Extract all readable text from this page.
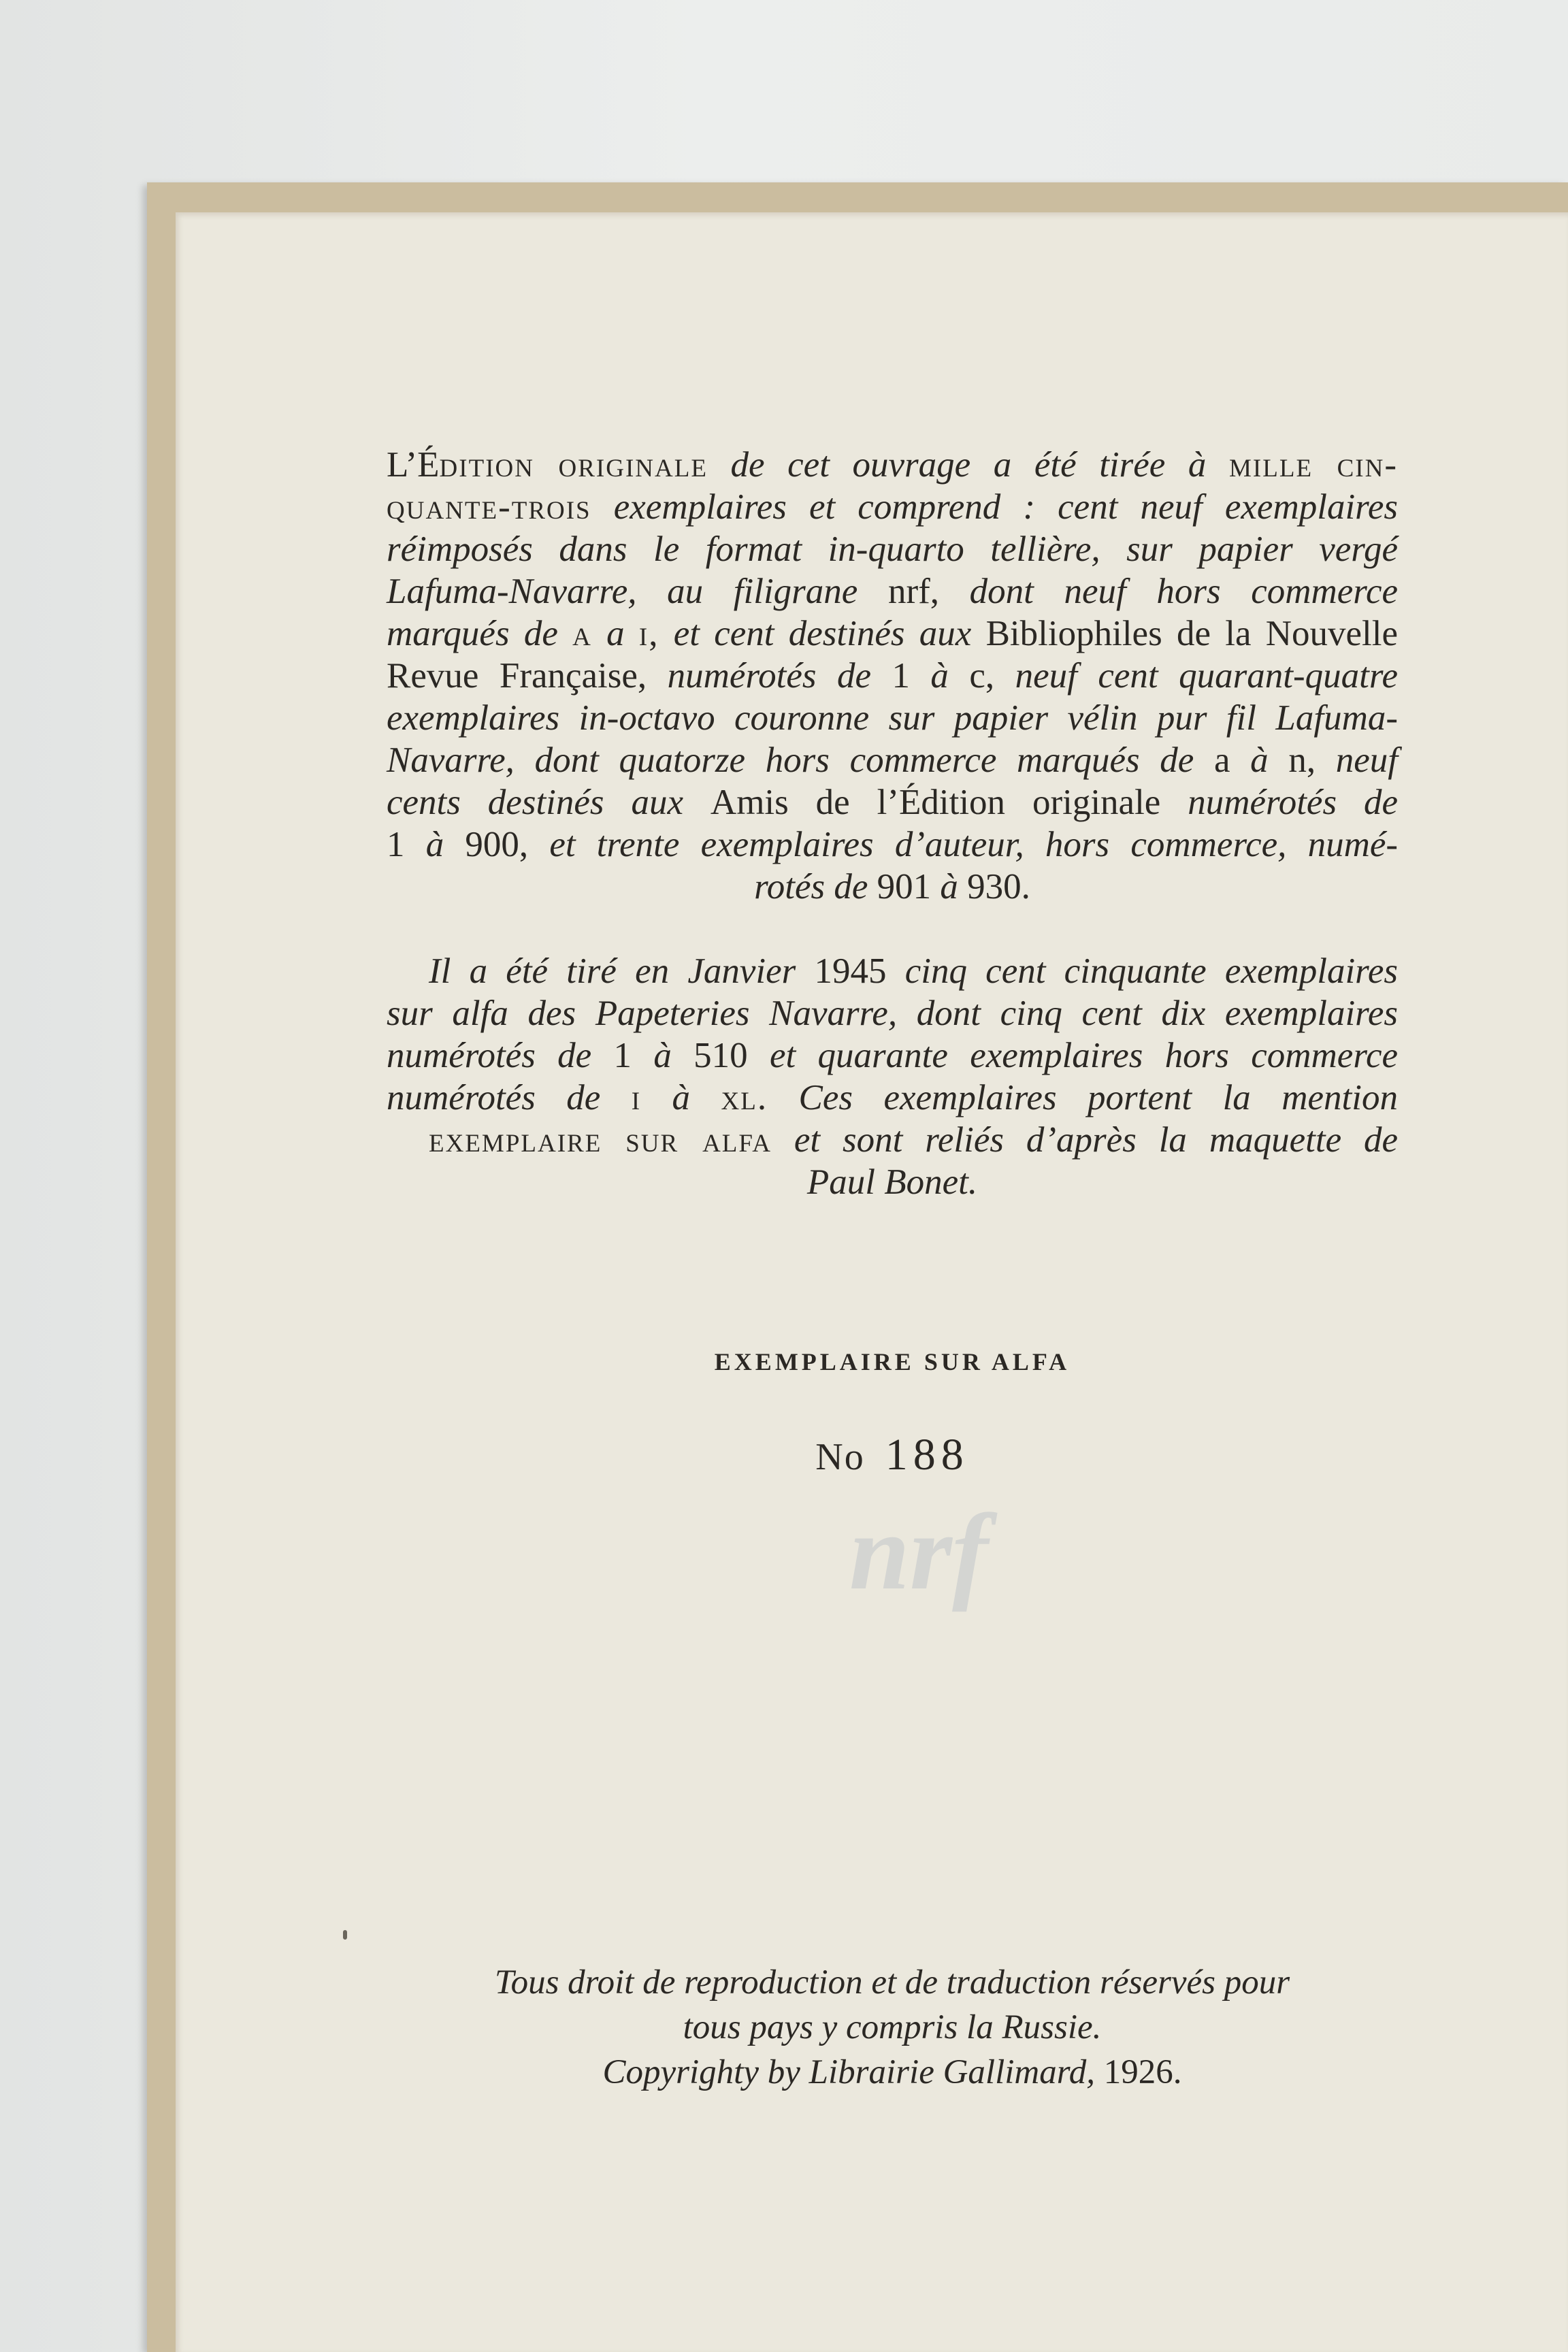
L’Édition originale de cet ouvrage a été tirée à mille cin-
quante-trois exemplaires et comprend : cent neuf exemplaires
réimposés dans le format in-quarto tellière, sur papier vergé
Lafuma-Navarre, au filigrane nrf, dont neuf hors commerce
marqués de a a i, et cent destinés aux Bibliophiles de la Nouvelle
Revue Française, numérotés de 1 à c, neuf cent quarant-quatre
exemplaires in-octavo couronne sur papier vélin pur fil Lafuma-
Navarre, dont quatorze hors commerce marqués de a à n, neuf
cents destinés aux Amis de l’Édition originale numérotés de
1 à 900, et trente exemplaires d’auteur, hors commerce, numé-
rotés de 901 à 930.
Il a été tiré en Janvier 1945 cinq cent cinquante exemplaires
sur alfa des Papeteries Navarre, dont cinq cent dix exemplaires
numérotés de 1 à 510 et quarante exemplaires hors commerce
numérotés de i à xl. Ces exemplaires portent la mention
exemplaire sur alfa et sont reliés d’après la maquette de
Paul Bonet.
EXEMPLAIRE SUR ALFA
No 188
nrf
Tous droit de reproduction et de traduction réservés pour
tous pays y compris la Russie.
Copyrighty by Librairie Gallimard, 1926.
